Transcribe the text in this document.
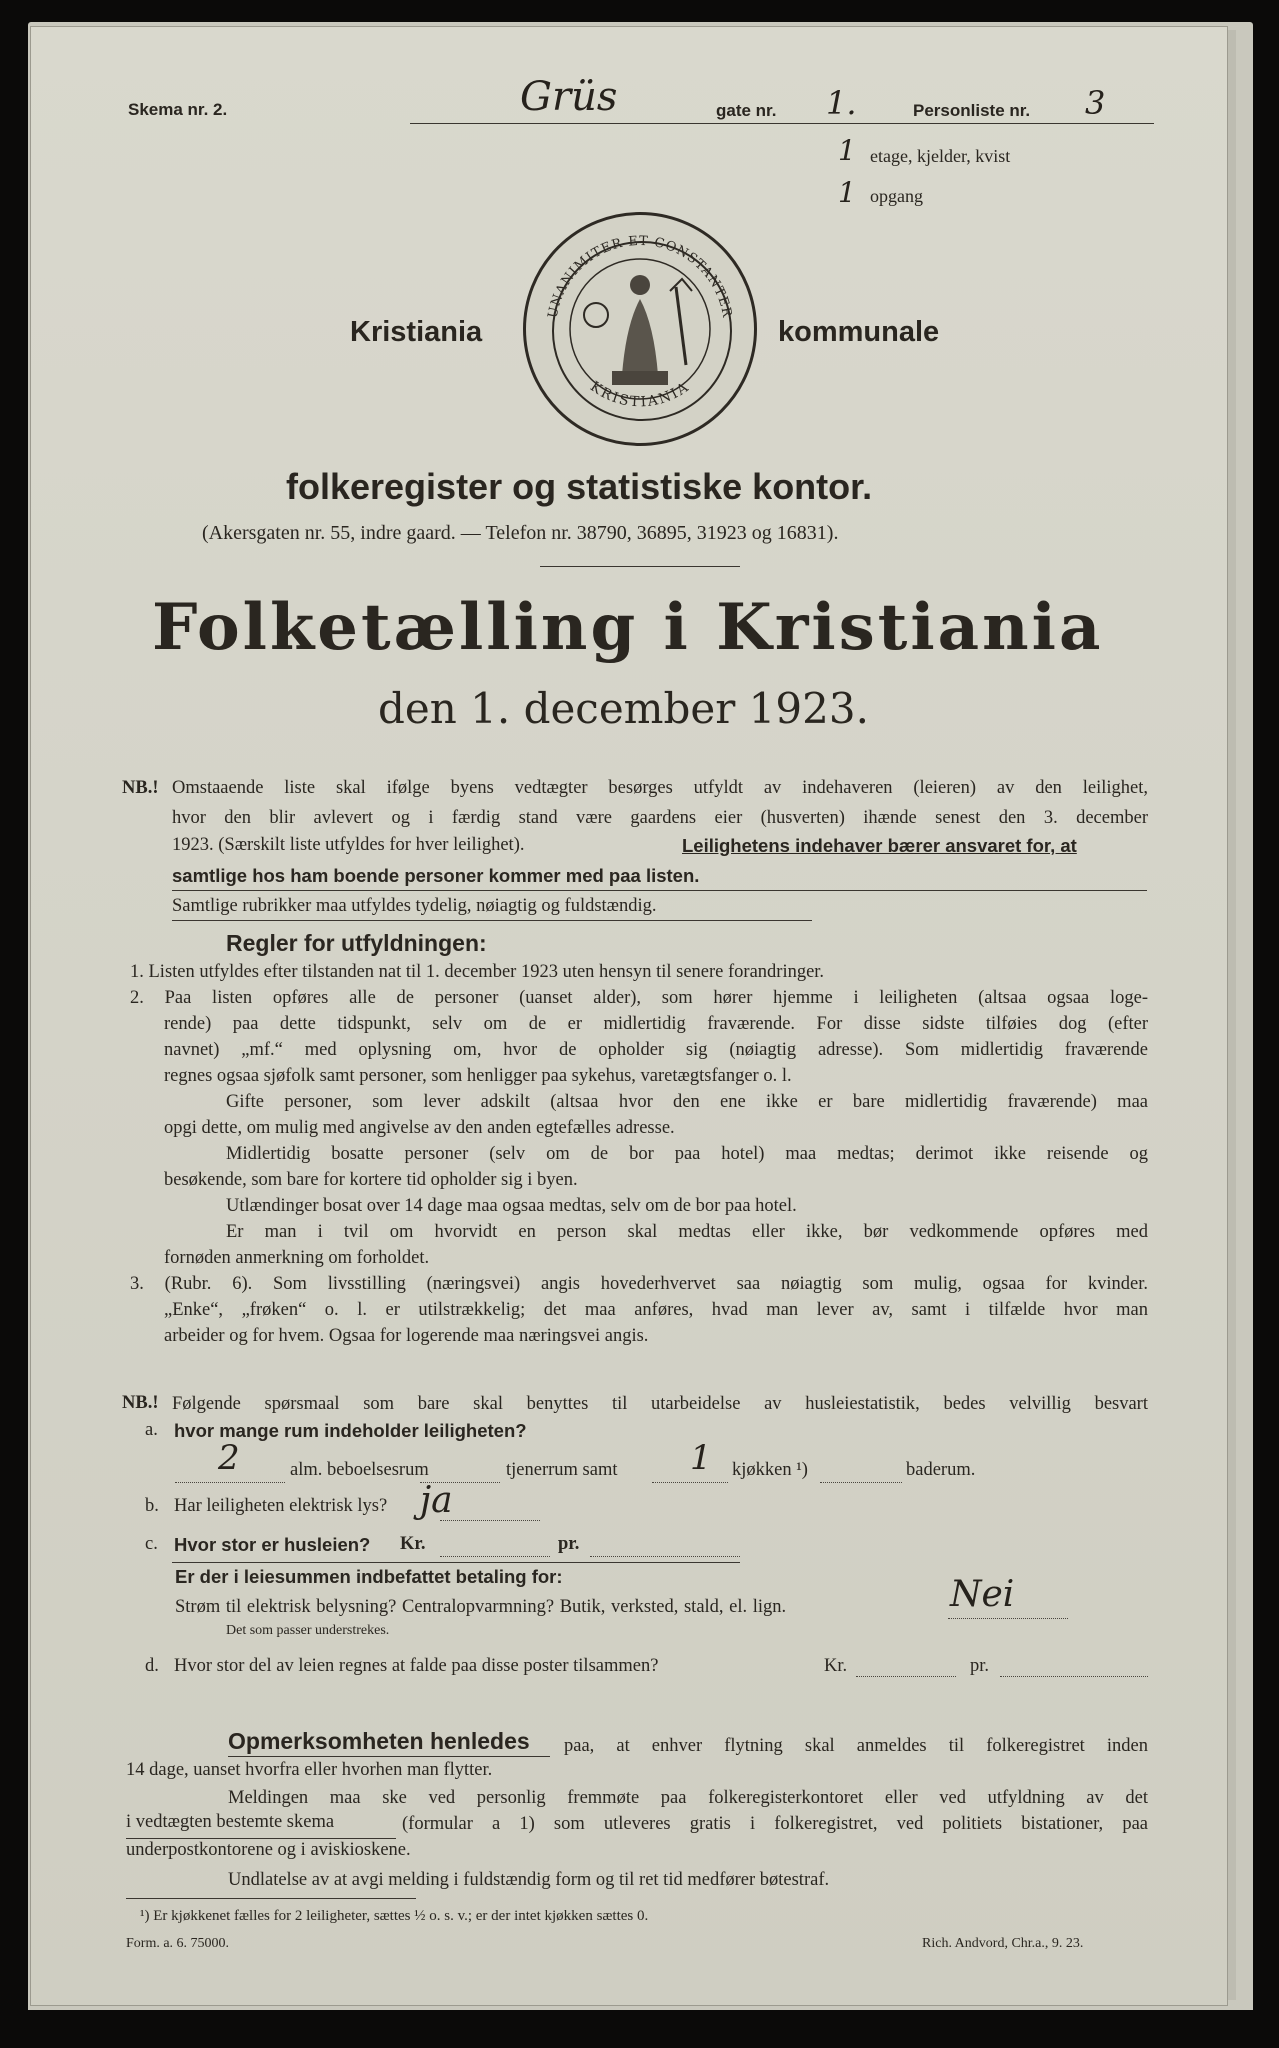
Skema nr. 2.	Grüs	gate nr. 1.	Personliste nr. 3
1 etage, kjelder, kvist
1 opgang
Kristiania
UNANIMITER ET CONSTANTER
KRISTIANIA
kommunale
folkeregister og statistiske kontor.
(Akersgaten nr. 55, indre gaard. — Telefon nr. 38790, 36895, 31923 og 16831).
Folketælling i Kristiania
den 1. december 1923.
NB.! Omstaaende liste skal ifølge byens vedtægter besørges utfyldt av indehaveren (leieren) av den leilighet,
hvor den blir avlevert og i færdig stand være gaardens eier (husverten) ihænde senest den 3. december
1923. (Særskilt liste utfyldes for hver leilighet).	Leilighetens indehaver bærer ansvaret for, at
samtlige hos ham boende personer kommer med paa listen.
Samtlige rubrikker maa utfyldes tydelig, nøiagtig og fuldstændig.
Regler for utfyldningen:
1. Listen utfyldes efter tilstanden nat til 1. december 1923 uten hensyn til senere forandringer.
2. Paa listen opføres alle de personer (uanset alder), som hører hjemme i leiligheten (altsaa ogsaa loge-
rende) paa dette tidspunkt, selv om de er midlertidig fraværende. For disse sidste tilføies dog (efter
navnet) „mf.“ med oplysning om, hvor de opholder sig (nøiagtig adresse). Som midlertidig fraværende
regnes ogsaa sjøfolk samt personer, som henligger paa sykehus, varetægtsfanger o. l.
Gifte personer, som lever adskilt (altsaa hvor den ene ikke er bare midlertidig fraværende) maa
opgi dette, om mulig med angivelse av den anden egtefælles adresse.
Midlertidig bosatte personer (selv om de bor paa hotel) maa medtas; derimot ikke reisende og
besøkende, som bare for kortere tid opholder sig i byen.
Utlændinger bosat over 14 dage maa ogsaa medtas, selv om de bor paa hotel.
Er man i tvil om hvorvidt en person skal medtas eller ikke, bør vedkommende opføres med
fornøden anmerkning om forholdet.
3. (Rubr. 6). Som livsstilling (næringsvei) angis hovederhvervet saa nøiagtig som mulig, ogsaa for kvinder.
„Enke“, „frøken“ o. l. er utilstrækkelig; det maa anføres, hvad man lever av, samt i tilfælde hvor man
arbeider og for hvem. Ogsaa for logerende maa næringsvei angis.
NB.! Følgende spørsmaal som bare skal benyttes til utarbeidelse av husleiestatistik, bedes velvillig besvart
a. hvor mange rum indeholder leiligheten?
2	alm. beboelsesrum	tjenerrum samt 1 kjøkken ¹)	baderum.
b. Har leiligheten elektrisk lys? ja
c. Hvor stor er husleien? Kr.	pr.
Er der i leiesummen indbefattet betaling for:
Strøm til elektrisk belysning? Centralopvarmning? Butik, verksted, stald, el. lign.	Nei
Det som passer understrekes.
d. Hvor stor del av leien regnes at falde paa disse poster tilsammen?	Kr.	pr.
Opmerksomheten henledes paa, at enhver flytning skal anmeldes til folkeregistret inden
14 dage, uanset hvorfra eller hvorhen man flytter.
Meldingen maa ske ved personlig fremmøte paa folkeregisterkontoret eller ved utfyldning av det
i vedtægten bestemte skema	(formular a 1) som utleveres gratis i folkeregistret, ved politiets bistationer, paa
underpostkontorene og i aviskioskene.
Undlatelse av at avgi melding i fuldstændig form og til ret tid medfører bøtestraf.
¹) Er kjøkkenet fælles for 2 leiligheter, sættes ½ o. s. v.; er der intet kjøkken sættes 0.
Form. a. 6. 75000.	Rich. Andvord, Chr.a., 9. 23.
